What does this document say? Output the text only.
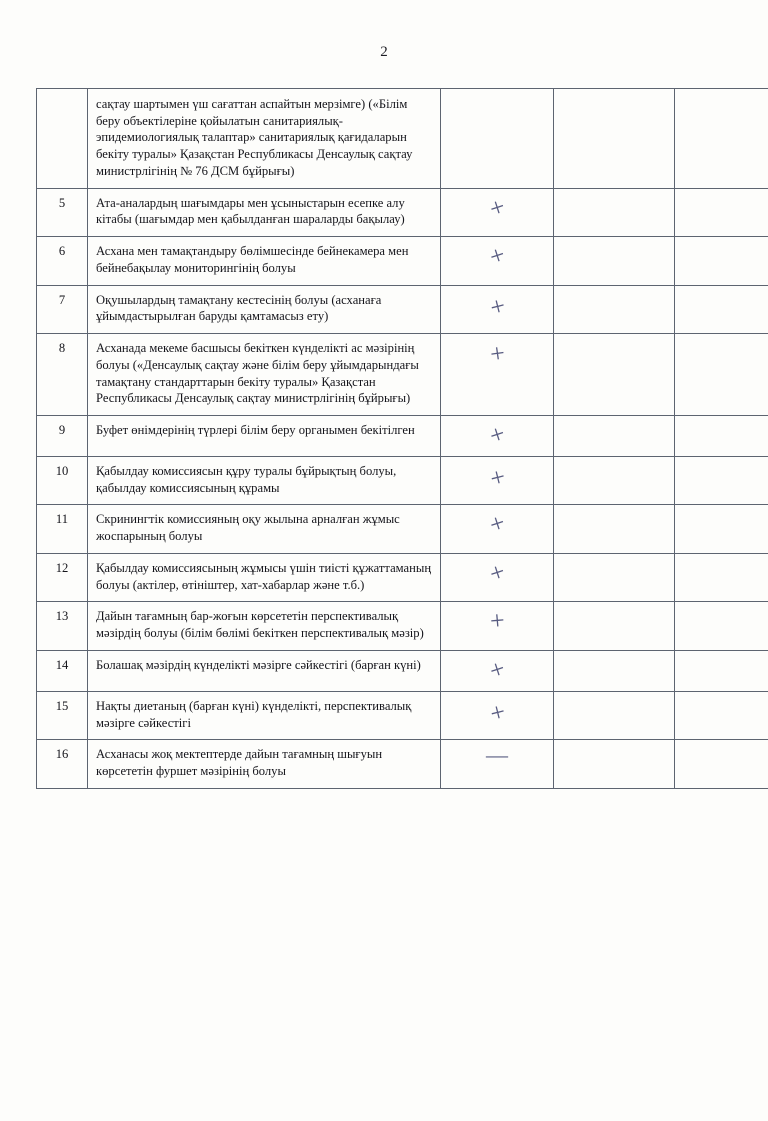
2
	сақтау шартымен үш сағаттан аспайтын мерзімге) («Білім беру объектілеріне қойылатын санитариялық-эпидемиологиялық талаптар» санитариялық қағидаларын бекіту туралы» Қазақстан Республикасы Денсаулық сақтау министрлігінің № 76 ДСМ бұйрығы)			
5	Ата-аналардың шағымдары мен ұсыныстарын есепке алу кітабы (шағымдар мен қабылданған шараларды бақылау)	+		
6	Асхана мен тамақтандыру бөлімшесінде бейнекамера мен бейнебақылау мониторингінің болуы	+		
7	Оқушылардың тамақтану кестесінің болуы (асханаға ұйымдастырылған баруды қамтамасыз ету)	+		
8	Асханада мекеме басшысы бекіткен күнделікті ас мәзірінің болуы («Денсаулық сақтау және білім беру ұйымдарындағы тамақтану стандарттарын бекіту туралы» Қазақстан Республикасы Денсаулық сақтау министрлігінің бұйрығы)	+		
9	Буфет өнімдерінің түрлері білім беру органымен бекітілген	+		
10	Қабылдау комиссиясын құру туралы бұйрықтың болуы, қабылдау комиссиясының құрамы	+		
11	Скринингтік комиссияның оқу жылына арналған жұмыс жоспарының болуы	+		
12	Қабылдау комиссиясының жұмысы үшін тиісті құжаттаманың болуы (актілер, өтініштер, хат-хабарлар және т.б.)	+		
13	Дайын тағамның бар-жоғын көрсететін перспективалық мәзірдің болуы (білім бөлімі бекіткен перспективалық мәзір)	+		
14	Болашақ мәзірдің күнделікті мәзірге сәйкестігі (барған күні)	+		
15	Нақты диетаның (барған күні) күнделікті, перспективалық мәзірге сәйкестігі	+		
16	Асханасы жоқ мектептерде дайын тағамның шығуын көрсететін фуршет мәзірінің болуы	—		
